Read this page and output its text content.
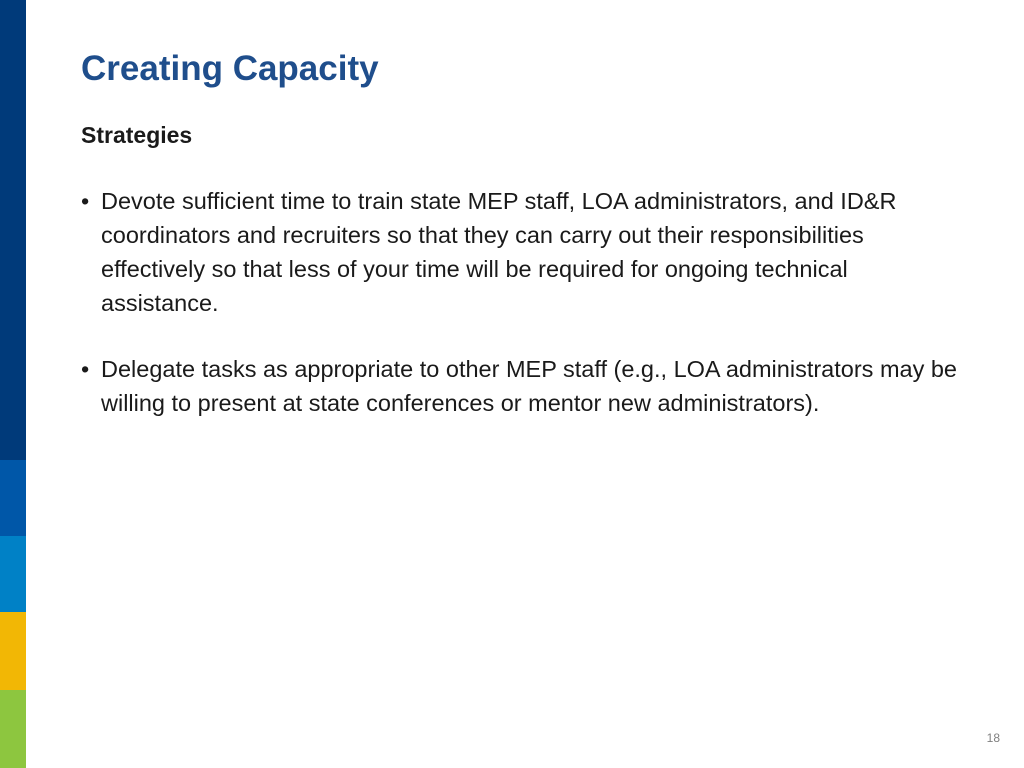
Creating Capacity
Strategies
• Devote sufficient time to train state MEP staff, LOA administrators, and ID&R coordinators and recruiters so that they can carry out their responsibilities effectively so that less of your time will be required for ongoing technical assistance.
• Delegate tasks as appropriate to other MEP staff (e.g., LOA administrators may be willing to present at state conferences or mentor new administrators).
18
